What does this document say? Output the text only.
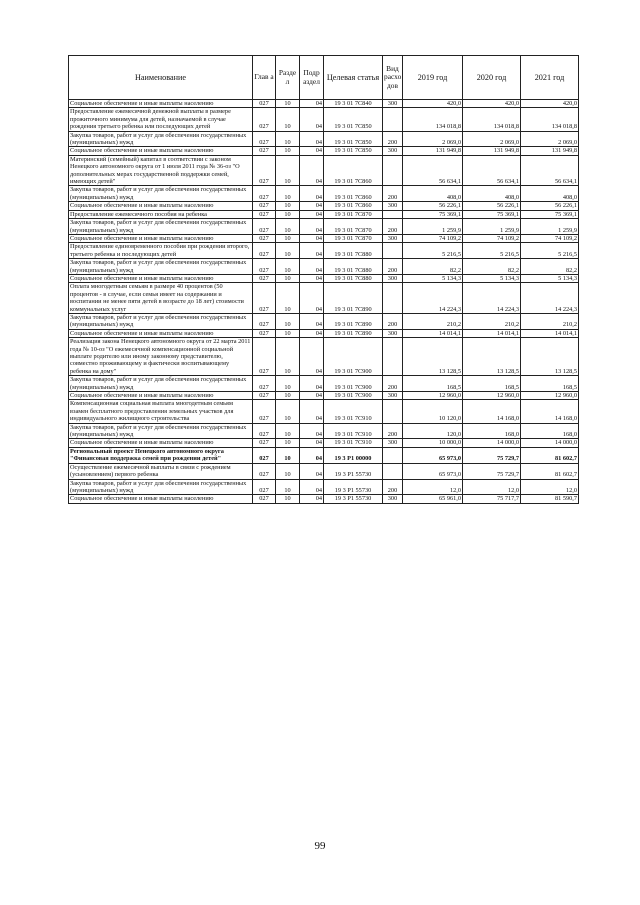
Наименование	Глав а	Разде л	Подр аздел	Целевая статья	Вид расхо дов	2019 год	2020 год	2021 год
Социальное обеспечение и иные выплаты населению	027	10	04	19 3 01 7С840	300	420,0	420,0	420,0
Предоставление ежемесячной денежной выплаты в размере прожиточного минимума для детей, назначаемой в случае рождения третьего ребенка или последующих детей	027	10	04	19 3 01 7С850		134 018,8	134 018,8	134 018,8
Закупка товаров, работ и услуг для обеспечения государственных (муниципальных) нужд	027	10	04	19 3 01 7С850	200	2 069,0	2 069,0	2 069,0
Социальное обеспечение и иные выплаты населению	027	10	04	19 3 01 7С850	300	131 949,8	131 949,8	131 949,8
Материнский (семейный) капитал в соответствии с законом Ненецкого автономного округа от 1 июля 2011 года № 36-оз "О дополнительных мерах государственной поддержки семей, имеющих детей"	027	10	04	19 3 01 7С860		56 634,1	56 634,1	56 634,1
Закупка товаров, работ и услуг для обеспечения государственных (муниципальных) нужд	027	10	04	19 3 01 7С860	200	408,0	408,0	408,0
Социальное обеспечение и иные выплаты населению	027	10	04	19 3 01 7С860	300	56 226,1	56 226,1	56 226,1
Предоставление ежемесячного пособия на ребенка	027	10	04	19 3 01 7С870		75 369,1	75 369,1	75 369,1
Закупка товаров, работ и услуг для обеспечения государственных (муниципальных) нужд	027	10	04	19 3 01 7С870	200	1 259,9	1 259,9	1 259,9
Социальное обеспечение и иные выплаты населению	027	10	04	19 3 01 7С870	300	74 109,2	74 109,2	74 109,2
Предоставление единовременного пособия при рождении второго, третьего ребенка и последующих детей	027	10	04	19 3 01 7С880		5 216,5	5 216,5	5 216,5
Закупка товаров, работ и услуг для обеспечения государственных (муниципальных) нужд	027	10	04	19 3 01 7С880	200	82,2	82,2	82,2
Социальное обеспечение и иные выплаты населению	027	10	04	19 3 01 7С880	300	5 134,3	5 134,3	5 134,3
Оплата многодетным семьям в размере 40 процентов (50 процентов - в случае, если семья имеет на содержании и воспитании не менее пяти детей в возрасте до 18 лет) стоимости коммунальных услуг	027	10	04	19 3 01 7С890		14 224,3	14 224,3	14 224,3
Закупка товаров, работ и услуг для обеспечения государственных (муниципальных) нужд	027	10	04	19 3 01 7С890	200	210,2	210,2	210,2
Социальное обеспечение и иные выплаты населению	027	10	04	19 3 01 7С890	300	14 014,1	14 014,1	14 014,1
Реализация закона Ненецкого автономного округа от 22 марта 2011 года № 10-оз "О ежемесячной компенсационной социальной выплате родителю или иному законному представителю, совместно проживающему и фактически воспитывающему ребенка на дому"	027	10	04	19 3 01 7С900		13 128,5	13 128,5	13 128,5
Закупка товаров, работ и услуг для обеспечения государственных (муниципальных) нужд	027	10	04	19 3 01 7С900	200	168,5	168,5	168,5
Социальное обеспечение и иные выплаты населению	027	10	04	19 3 01 7С900	300	12 960,0	12 960,0	12 960,0
Компенсационная социальная выплата многодетным семьям взамен бесплатного предоставления земельных участков для индивидуального жилищного строительства	027	10	04	19 3 01 7С910		10 120,0	14 168,0	14 168,0
Закупка товаров, работ и услуг для обеспечения государственных (муниципальных) нужд	027	10	04	19 3 01 7С910	200	120,0	168,0	168,0
Социальное обеспечение и иные выплаты населению	027	10	04	19 3 01 7С910	300	10 000,0	14 000,0	14 000,0
Региональный проект Ненецкого автономного округа "Финансовая поддержка семей при рождении детей"	027	10	04	19 3 P1 00000		65 973,0	75 729,7	81 602,7
Осуществление ежемесячной выплаты в связи с рождением (усыновлением) первого ребенка	027	10	04	19 3 P1 55730		65 973,0	75 729,7	81 602,7
Закупка товаров, работ и услуг для обеспечения государственных (муниципальных) нужд	027	10	04	19 3 P1 55730	200	12,0	12,0	12,0
Социальное обеспечение и иные выплаты населению	027	10	04	19 3 P1 55730	300	65 961,0	75 717,7	81 590,7
99
